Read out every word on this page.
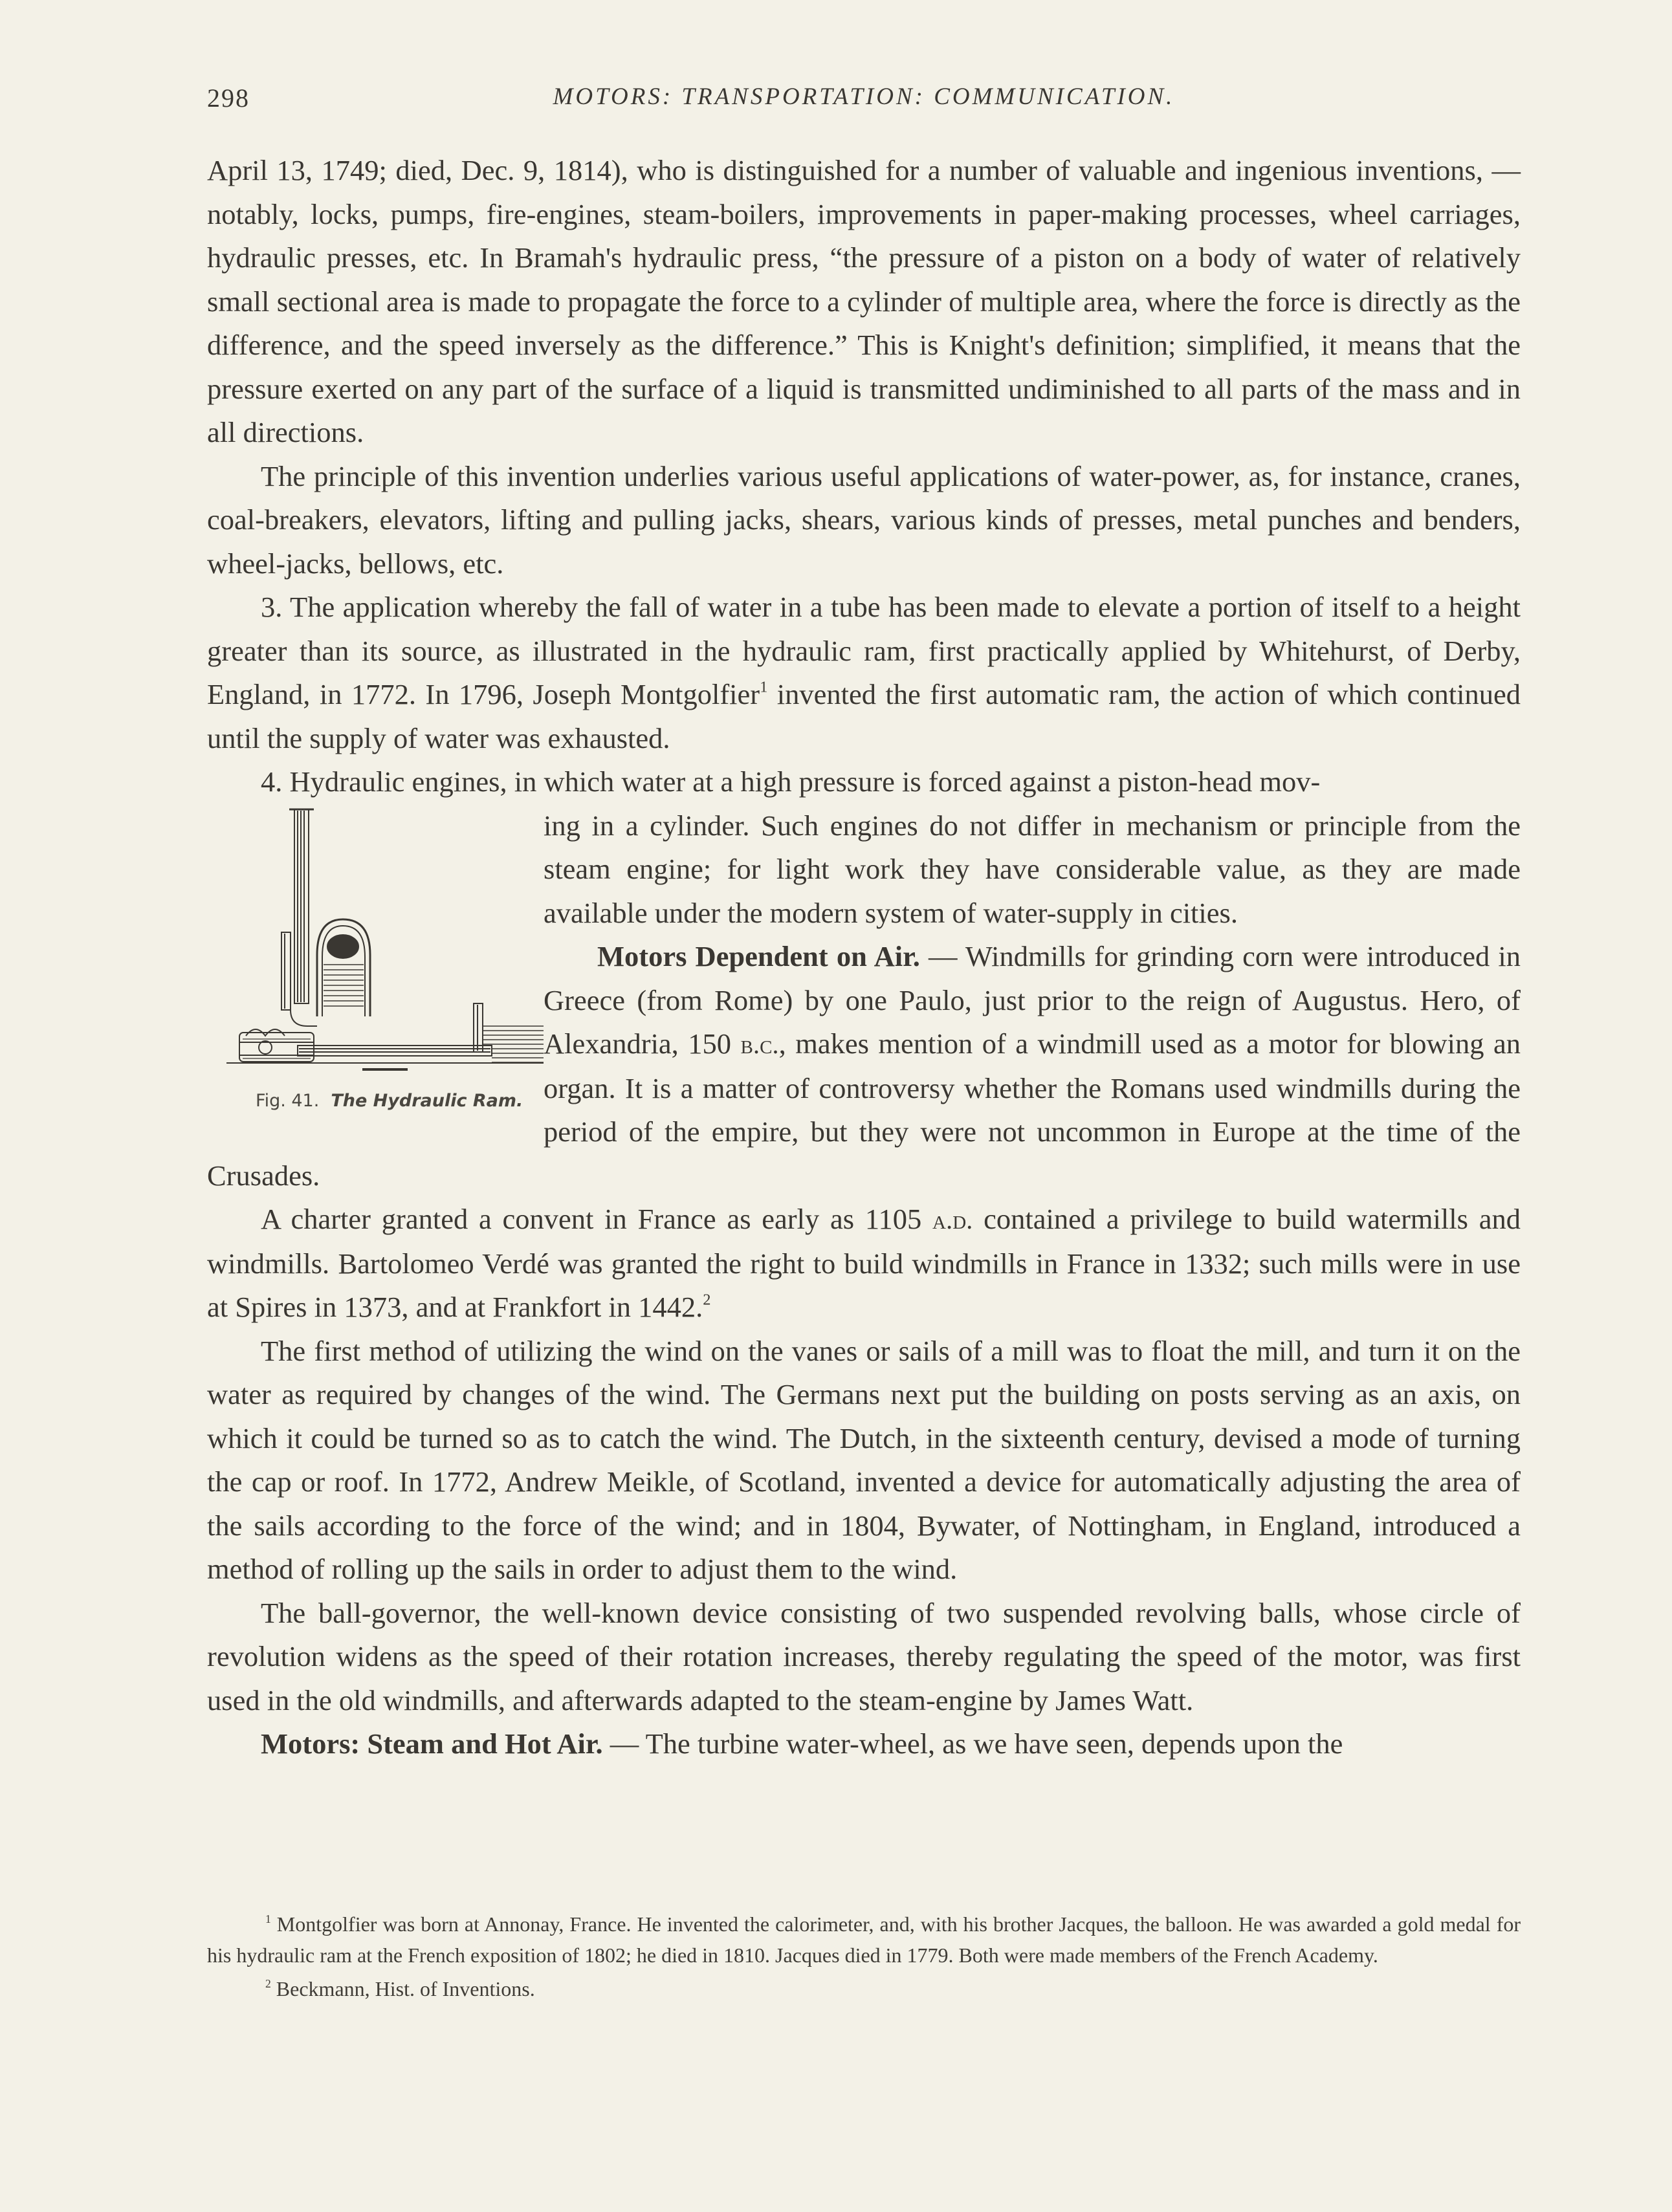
298	MOTORS: TRANSPORTATION: COMMUNICATION.

April 13, 1749; died, Dec. 9, 1814), who is distinguished for a number of valuable and ingenious inventions, — notably, locks, pumps, fire-engines, steam-boilers, improvements in paper-making processes, wheel carriages, hydraulic presses, etc. In Bramah's hydraulic press, “the pressure of a piston on a body of water of relatively small sectional area is made to propagate the force to a cylinder of multiple area, where the force is directly as the difference, and the speed inversely as the difference.” This is Knight's definition; simplified, it means that the pressure exerted on any part of the surface of a liquid is transmitted undiminished to all parts of the mass and in all directions.

The principle of this invention underlies various useful applications of water-power, as, for instance, cranes, coal-breakers, elevators, lifting and pulling jacks, shears, various kinds of presses, metal punches and benders, wheel-jacks, bellows, etc.

3. The application whereby the fall of water in a tube has been made to elevate a portion of itself to a height greater than its source, as illustrated in the hydraulic ram, first practically applied by Whitehurst, of Derby, England, in 1772. In 1796, Joseph Montgolfier$^1$ invented the first automatic ram, the action of which continued until the supply of water was exhausted.

4. Hydraulic engines, in which water at a high pressure is forced against a piston-head mov-

Fig. 41. The Hydraulic Ram.

ing in a cylinder. Such engines do not differ in mechanism or principle from the steam engine; for light work they have considerable value, as they are made available under the modern system of water-supply in cities.

Motors Dependent on Air. — Windmills for grinding corn were introduced in Greece (from Rome) by one Paulo, just prior to the reign of Augustus. Hero, of Alexandria, 150 b.c., makes mention of a windmill used as a motor for blowing an organ. It is a matter of controversy whether the Romans used windmills during the period of the empire, but they were not uncommon in Europe at the time of the Crusades.

A charter granted a convent in France as early as 1105 a.d. contained a privilege to build watermills and windmills. Bartolomeo Verdé was granted the right to build windmills in France in 1332; such mills were in use at Spires in 1373, and at Frankfort in 1442.$^2$

The first method of utilizing the wind on the vanes or sails of a mill was to float the mill, and turn it on the water as required by changes of the wind. The Germans next put the building on posts serving as an axis, on which it could be turned so as to catch the wind. The Dutch, in the sixteenth century, devised a mode of turning the cap or roof. In 1772, Andrew Meikle, of Scotland, invented a device for automatically adjusting the area of the sails according to the force of the wind; and in 1804, Bywater, of Nottingham, in England, introduced a method of rolling up the sails in order to adjust them to the wind.

The ball-governor, the well-known device consisting of two suspended revolving balls, whose circle of revolution widens as the speed of their rotation increases, thereby regulating the speed of the motor, was first used in the old windmills, and afterwards adapted to the steam-engine by James Watt.

Motors: Steam and Hot Air. — The turbine water-wheel, as we have seen, depends upon the

$^1$ Montgolfier was born at Annonay, France. He invented the calorimeter, and, with his brother Jacques, the balloon. He was awarded a gold medal for his hydraulic ram at the French exposition of 1802; he died in 1810. Jacques died in 1779. Both were made members of the French Academy.

$^2$ Beckmann, Hist. of Inventions.
